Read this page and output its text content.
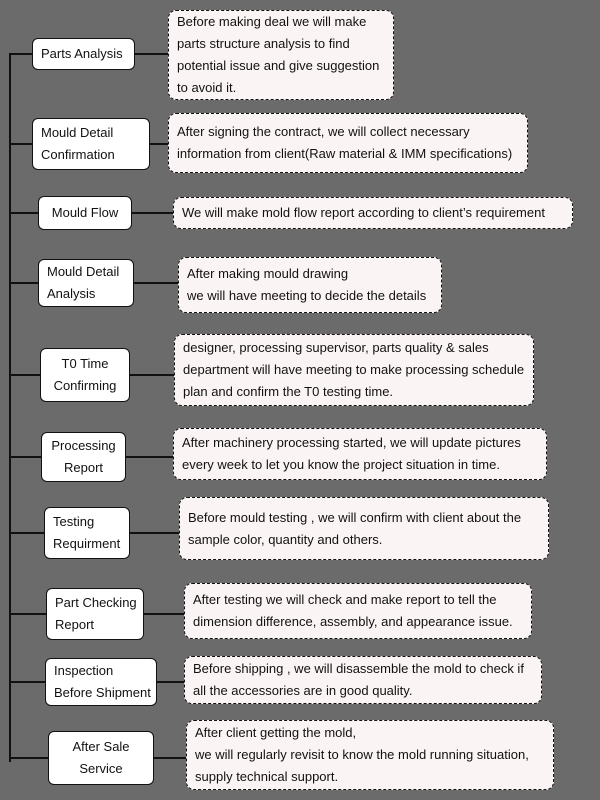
Parts Analysis
Before making deal we will make
parts structure analysis to find
potential issue and give suggestion
to avoid it.
Mould Detail
Confirmation
After signing the contract, we will collect necessary
information from client(Raw material & IMM specifications)
Mould Flow	We will make mold flow report according to client’s requirement
Mould Detail
Analysis
After making mould drawing
we will have meeting to decide the details
T0 Time
Confirming
designer, processing supervisor, parts quality & sales
department will have meeting to make processing schedule
plan and confirm the T0 testing time.
Processing
Report
After machinery processing started, we will update pictures
every week to let you know the project situation in time.
Testing
Requirment
Before mould testing , we will confirm with client about the
sample color, quantity and others.
Part Checking
Report
After testing we will check and make report to tell the
dimension difference, assembly, and appearance issue.
Inspection
Before Shipment
Before shipping , we will disassemble the mold to check if
all the accessories are in good quality.
After Sale
Service
After client getting the mold,
we will regularly revisit to know the mold running situation,
supply technical support.
